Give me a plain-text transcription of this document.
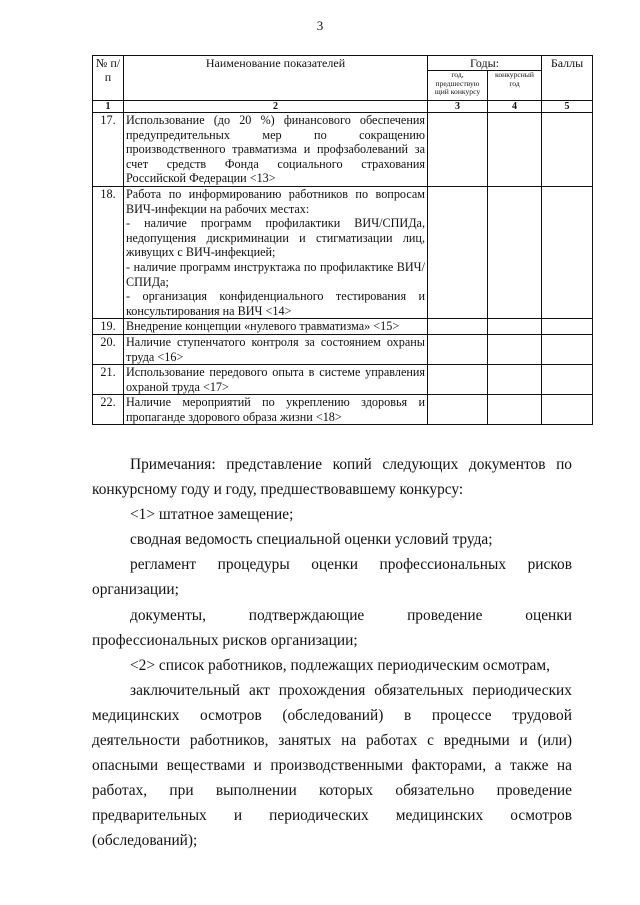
3
№ п/п	Наименование показателей	Годы:		Баллы
		год, предшествую щий конкурсу	конкурсный год	
1	2	3	4	5
17.	Использование (до 20 %) финансового обеспечения предупредительных мер по сокращению производственного травматизма и профзаболеваний за счет средств Фонда социального страхования Российской Федерации <13>			

18.	Работа по информированию работников по вопросам ВИЧ-инфекции на рабочих местах:

- наличие программ профилактики ВИЧ/СПИДа, недопущения дискриминации и стигматизации лиц, живущих с ВИЧ-инфекцией;

- наличие программ инструктажа по профилактике ВИЧ/СПИДа;

- организация конфиденциального тестирования и консультирования на ВИЧ <14>			

19.	Внедрение концепции «нулевого травматизма» <15>			

20.	Наличие ступенчатого контроля за состоянием охраны труда <16>			

21.	Использование передового опыта в системе управления охраной труда <17>			

22.	Наличие мероприятий по укреплению здоровья и пропаганде здорового образа жизни <18>			

Примечания: представление копий следующих документов по конкурсному году и году, предшествовавшему конкурсу:

<1> штатное замещение;

сводная ведомость специальной оценки условий труда;

регламент процедуры оценки профессиональных рисков организации;

документы, подтверждающие проведение оценки профессиональных рисков организации;

<2> список работников, подлежащих периодическим осмотрам,

заключительный акт прохождения обязательных периодических медицинских осмотров (обследований) в процессе трудовой деятельности работников, занятых на работах с вредными и (или) опасными веществами и производственными факторами, а также на работах, при выполнении которых обязательно проведение предварительных и периодических медицинских осмотров (обследований);
